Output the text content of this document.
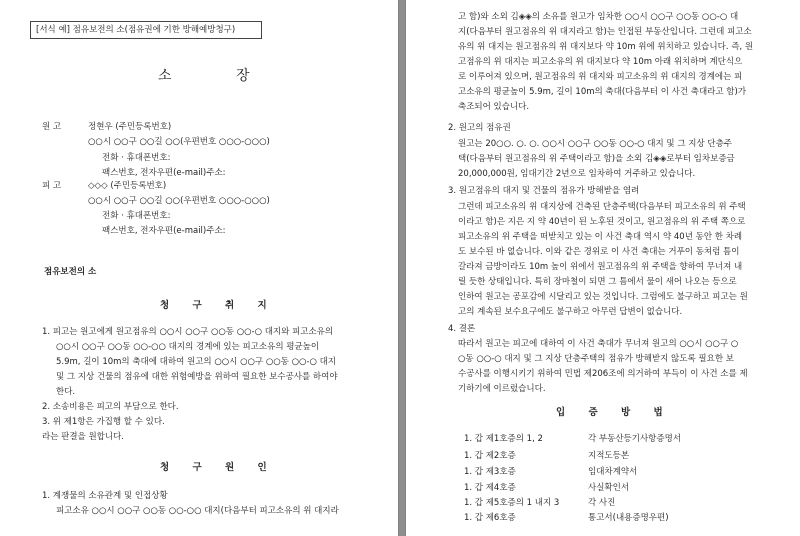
[서식 예] 점유보전의 소(점유권에 기한 방해예방청구)
소 장
원 고	정현우 (주민등록번호)
○○시 ○○구 ○○길 ○○(우편번호 ○○○-○○○)
전화 · 휴대폰번호:
팩스번호, 전자우편(e-mail)주소:
피 고	◇◇◇ (주민등록번호)
○○시 ○○구 ○○길 ○○(우편번호 ○○○-○○○)
전화 · 휴대폰번호:
팩스번호, 전자우편(e-mail)주소:
점유보전의 소
청 구 취 지
1. 피고는 원고에게 원고점유의 ○○시 ○○구 ○○동 ○○-○ 대지와 피고소유의
○○시 ○○구 ○○동 ○○-○○ 대지의 경계에 있는 피고소유의 평균높이
5.9m, 길이 10m의 축대에 대하여 원고의 ○○시 ○○구 ○○동 ○○-○ 대지
및 그 지상 건물의 점유에 대한 위험예방을 위하여 필요한 보수공사를 하여야
한다.
2. 소송비용은 피고의 부담으로 한다.
3. 위 제1항은 가집행 할 수 있다.
라는 판결을 원합니다.
청 구 원 인
1. 계쟁물의 소유관계 및 인접상황
피고소유 ○○시 ○○구 ○○동 ○○-○○ 대지(다음부터 피고소유의 위 대지라
고 함)와 소외 김◈◈의 소유를 원고가 임차한 ○○시 ○○구 ○○동 ○○-○ 대
지(다음부터 원고점유의 위 대지라고 함)는 인접된 부동산입니다. 그런데 피고소
유의 위 대지는 원고점유의 위 대지보다 약 10m 위에 위치하고 있습니다. 즉, 원
고점유의 위 대지는 피고소유의 위 대지보다 약 10m 아래 위치하며 계단식으
로 이루어져 있으며, 원고점유의 위 대지와 피고소유의 위 대지의 경계에는 피
고소유의 평균높이 5.9m, 길이 10m의 축대(다음부터 이 사건 축대라고 함)가
축조되어 있습니다.
2. 원고의 점유권
원고는 20○○. ○. ○. ○○시 ○○구 ○○동 ○○-○ 대지 및 그 지상 단층주
택(다음부터 원고점유의 위 주택이라고 함)을 소외 김◈◈로부터 임차보증금
20,000,000원, 임대기간 2년으로 임차하여 거주하고 있습니다.
3. 원고점유의 대지 및 건물의 점유가 방해받을 염려
그런데 피고소유의 위 대지상에 건축된 단층주택(다음부터 피고소유의 위 주택
이라고 함)은 지은 지 약 40년이 된 노후된 것이고, 원고점유의 위 주택 쪽으로
피고소유의 위 주택을 떠받치고 있는 이 사건 축대 역시 약 40년 동안 한 차례
도 보수된 바 없습니다. 이와 같은 경위로 이 사건 축대는 거푸이 동쳐럼 틈이
갈라져 금방이라도 10m 높이 위에서 원고점유의 위 주택을 향하여 무너져 내
릴 듯한 상태입니다. 특히 장마철이 되면 그 틈에서 물이 새어 나오는 등으로
인하여 원고는 공포감에 시달리고 있는 것입니다. 그럼에도 불구하고 피고는 원
고의 계속된 보수요구에도 불구하고 아무런 답변이 없습니다.
4. 결론
따라서 원고는 피고에 대하여 이 사건 축대가 무너져 원고의 ○○시 ○○구 ○
○동 ○○-○ 대지 및 그 지상 단층주택의 점유가 방해받지 않도록 필요한 보
수공사를 이행시키기 위하여 민법 제206조에 의거하여 부득이 이 사건 소를 제
기하기에 이르렀습니다.
입 증 방 법
1. 갑 제1호증의 1, 2	각 부동산등기사항증명서
1. 갑 제2호증	지적도등본
1. 갑 제3호증	임대차계약서
1. 갑 제4호증	사실확인서
1. 갑 제5호증의 1 내지 3	각 사진
1. 갑 제6호증	통고서(내용증명우편)
